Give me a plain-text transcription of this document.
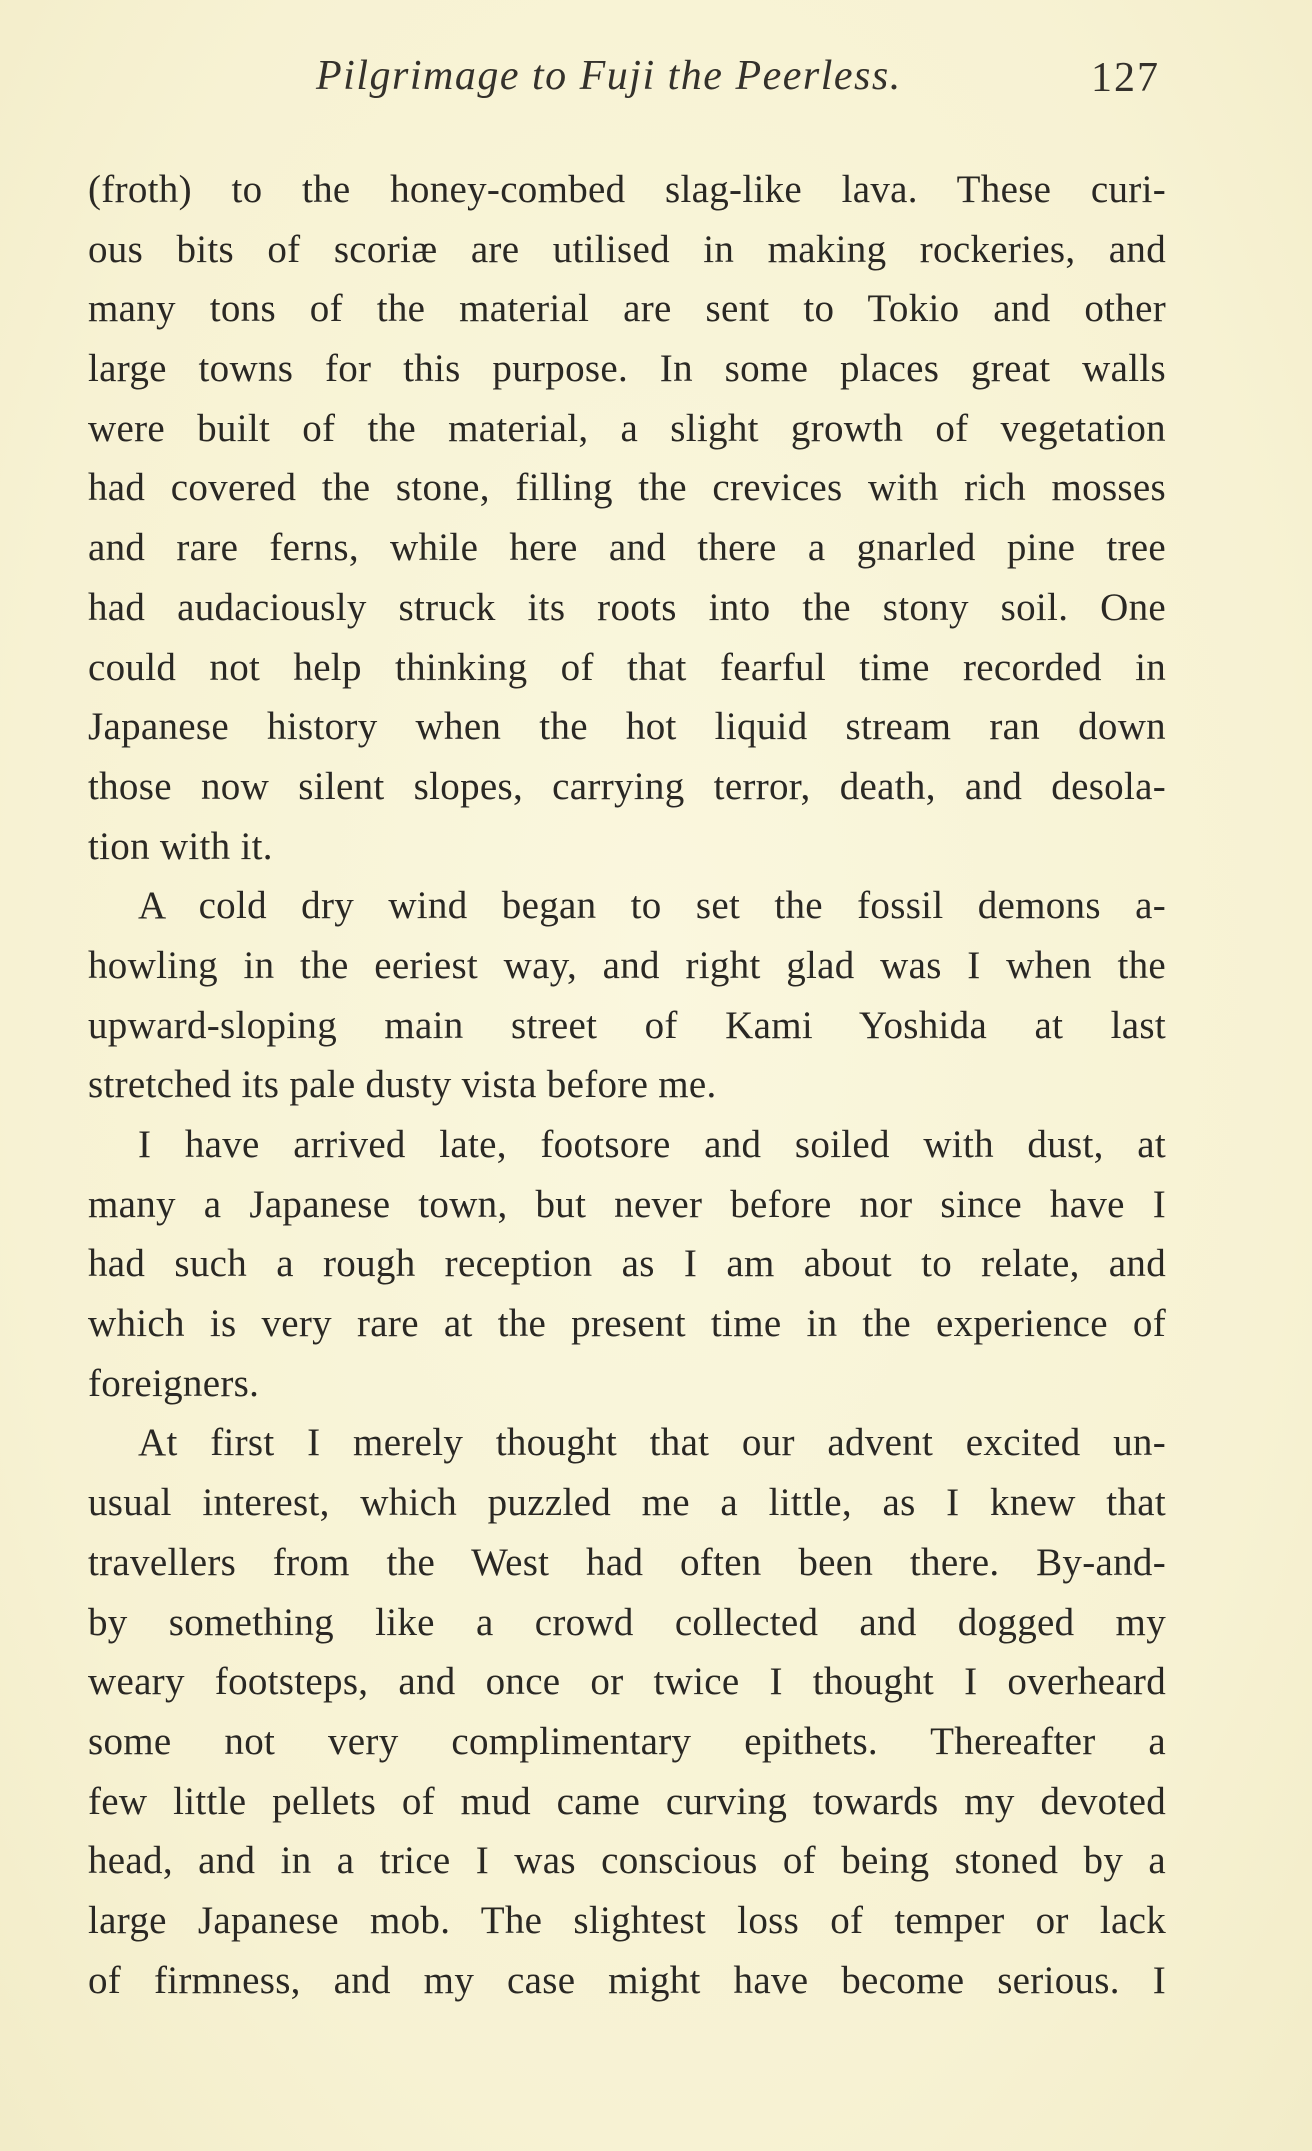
Pilgrimage to Fuji the Peerless.	127
(froth) to the honey-combed slag-like lava. These curi-
ous bits of scoriæ are utilised in making rockeries, and
many tons of the material are sent to Tokio and other
large towns for this purpose. In some places great walls
were built of the material, a slight growth of vegetation
had covered the stone, filling the crevices with rich mosses
and rare ferns, while here and there a gnarled pine tree
had audaciously struck its roots into the stony soil. One
could not help thinking of that fearful time recorded in
Japanese history when the hot liquid stream ran down
those now silent slopes, carrying terror, death, and desola-
tion with it.
A cold dry wind began to set the fossil demons a-
howling in the eeriest way, and right glad was I when the
upward-sloping main street of Kami Yoshida at last
stretched its pale dusty vista before me.
I have arrived late, footsore and soiled with dust, at
many a Japanese town, but never before nor since have I
had such a rough reception as I am about to relate, and
which is very rare at the present time in the experience of
foreigners.
At first I merely thought that our advent excited un-
usual interest, which puzzled me a little, as I knew that
travellers from the West had often been there. By-and-
by something like a crowd collected and dogged my
weary footsteps, and once or twice I thought I overheard
some not very complimentary epithets. Thereafter a
few little pellets of mud came curving towards my devoted
head, and in a trice I was conscious of being stoned by a
large Japanese mob. The slightest loss of temper or lack
of firmness, and my case might have become serious. I
